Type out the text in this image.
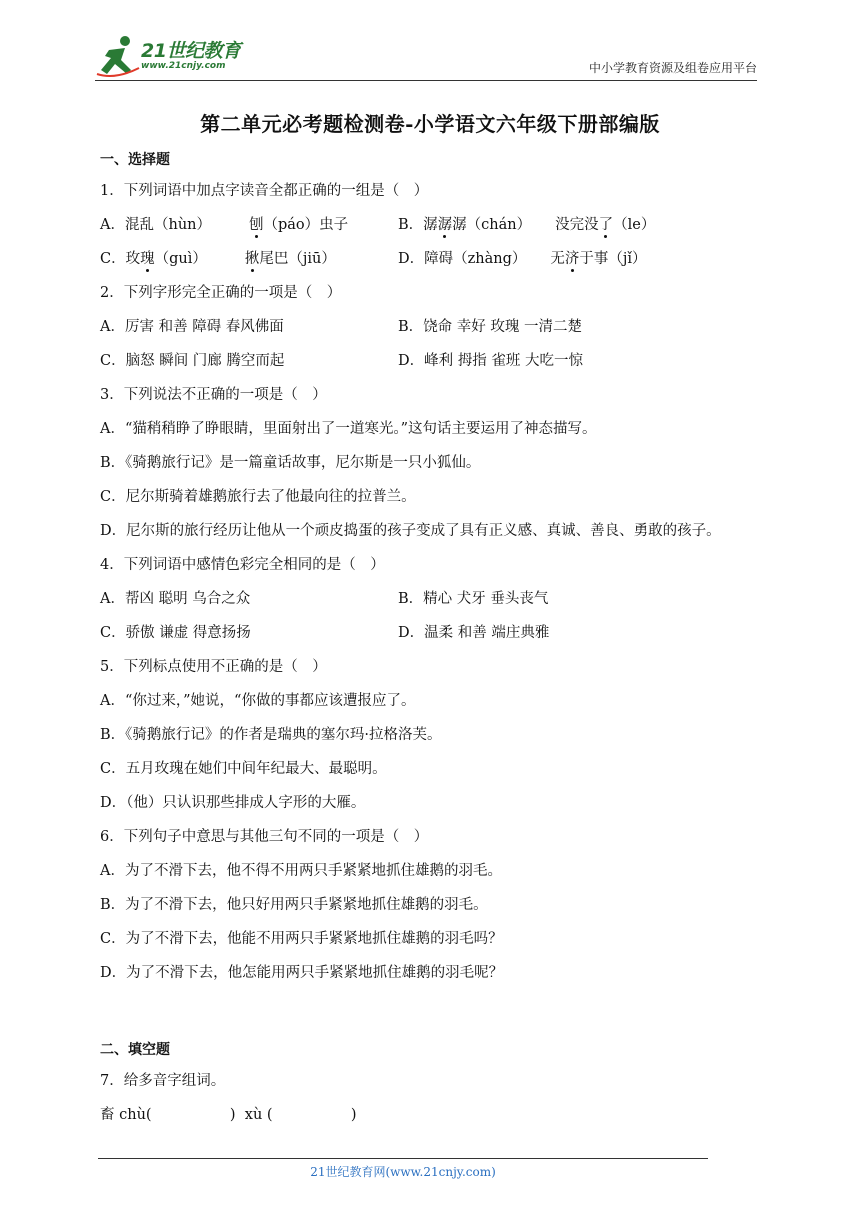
21世纪教育
www.21cnjy.com	中小学教育资源及组卷应用平台
第二单元必考题检测卷-小学语文六年级下册部编版
一、选择题
1．下列词语中加点字读音全都正确的一组是（　）
A．混乱（hùn）	刨（páo）虫子	B．潺潺潺（chán） 没完没了（le）
C．玫瑰（guì）	揪尾巴（jiū）	D．障碍（zhàng） 无济于事（jǐ）
2．下列字形完全正确的一项是（　）
A．厉害 和善 障碍 春风佛面	B．饶命 幸好 玫瑰 一清二楚
C．脑怒 瞬间 门廊 腾空而起	D．峰利 拇指 雀班 大吃一惊
3．下列说法不正确的一项是（　）
A．“猫稍稍睁了睁眼睛，里面射出了一道寒光。”这句话主要运用了神态描写。
B．《骑鹅旅行记》是一篇童话故事，尼尔斯是一只小狐仙。
C．尼尔斯骑着雄鹅旅行去了他最向往的拉普兰。
D．尼尔斯的旅行经历让他从一个顽皮捣蛋的孩子变成了具有正义感、真诚、善良、勇敢的孩子。
4．下列词语中感情色彩完全相同的是（　）
A．帮凶 聪明 乌合之众	B．精心 犬牙 垂头丧气
C．骄傲 谦虚 得意扬扬	D．温柔 和善 端庄典雅
5．下列标点使用不正确的是（　）
A．“你过来，”她说，“你做的事都应该遭报应了。
B．《骑鹅旅行记》的作者是瑞典的塞尔玛·拉格洛芙。
C．五月玫瑰在她们中间年纪最大、最聪明。
D．（他）只认识那些排成人字形的大雁。
6．下列句子中意思与其他三句不同的一项是（　）
A．为了不滑下去，他不得不用两只手紧紧地抓住雄鹅的羽毛。
B．为了不滑下去，他只好用两只手紧紧地抓住雄鹅的羽毛。
C．为了不滑下去，他能不用两只手紧紧地抓住雄鹅的羽毛吗？
D．为了不滑下去，他怎能用两只手紧紧地抓住雄鹅的羽毛呢？
二、填空题
7．给多音字组词。
畜 chù(                 )  xù (                 )
21世纪教育网(www.21cnjy.com)
